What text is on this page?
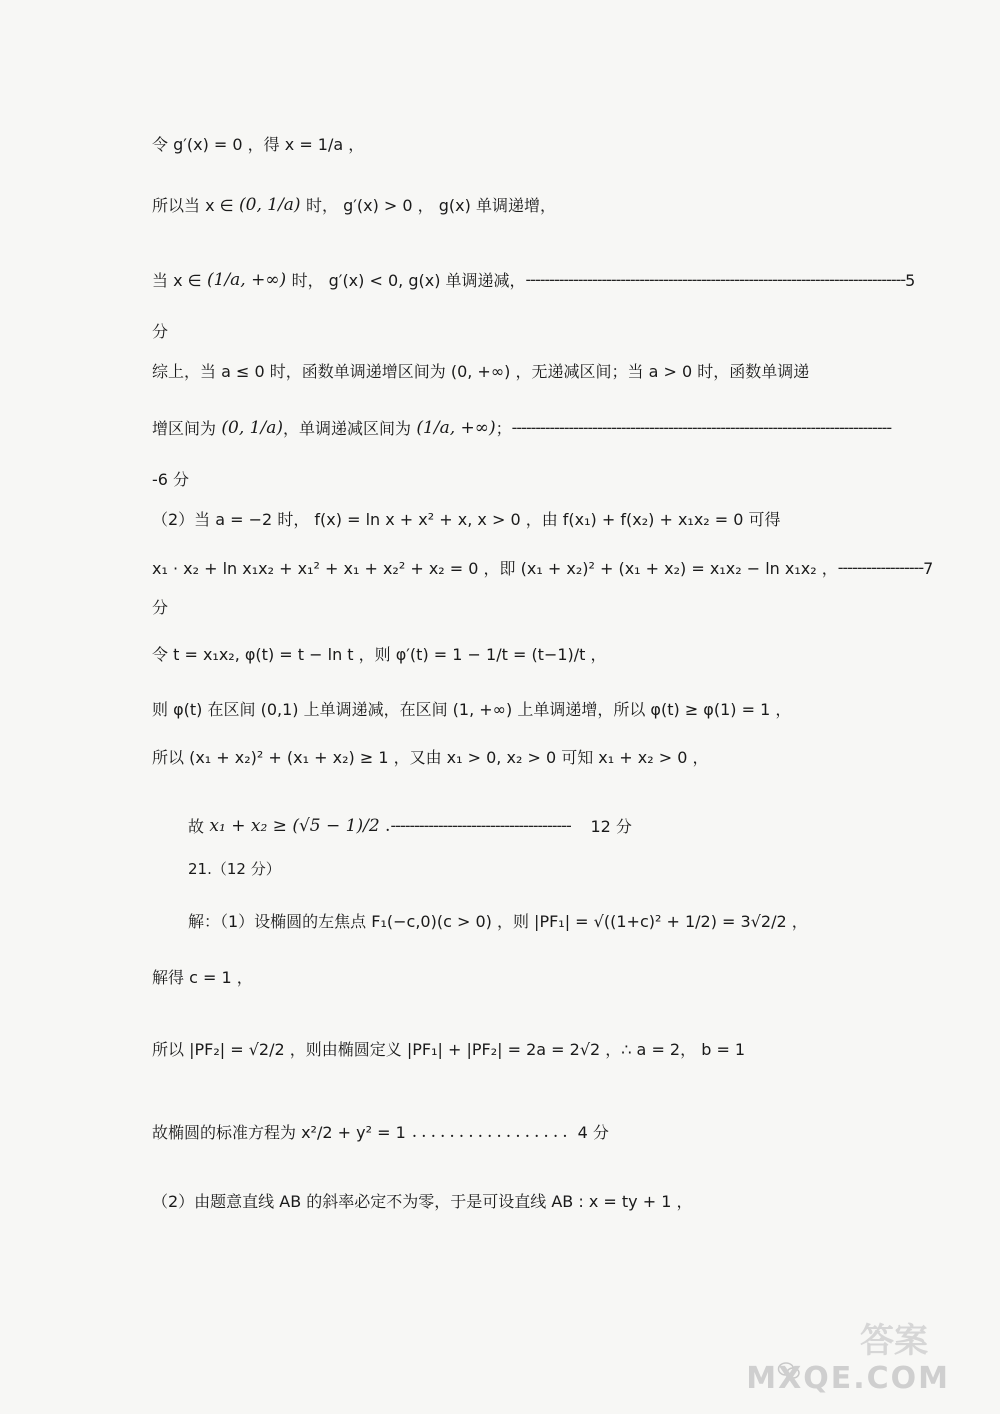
令 g′(x) = 0 ，得 x = 1/a ，
所以当 x ∈
(0, 1/a)
时， g′(x) > 0 ， g(x) 单调递增，
当 x ∈
(1/a, +∞)
时， g′(x) < 0, g(x) 单调递减， -------------------------------------------------------------------------------- 5
分
综上，当 a ≤ 0 时，函数单调递增区间为 (0, +∞) ，无递减区间；当 a > 0 时，函数单调递
增区间为
(0, 1/a) ，单调递减区间为
(1/a, +∞) ； --------------------------------------------------------------------------------
-6 分
（2）当 a = −2 时， f(x) = ln x + x² + x, x > 0 ，由 f(x₁) + f(x₂) + x₁x₂ = 0 可得
x₁ · x₂ + ln x₁x₂ + x₁² + x₁ + x₂² + x₂ = 0 ，即 (x₁ + x₂)² + (x₁ + x₂) = x₁x₂ − ln x₁x₂ ， ------------------ 7
分
令 t = x₁x₂, φ(t) = t − ln t ，则 φ′(t) = 1 − 1/t = (t−1)/t ，
则 φ(t) 在区间 (0,1) 上单调递减，在区间 (1, +∞) 上单调递增，所以 φ(t) ≥ φ(1) = 1 ，
所以 (x₁ + x₂)² + (x₁ + x₂) ≥ 1 ，又由 x₁ > 0, x₂ > 0 可知 x₁ + x₂ > 0 ，
故
x₁ + x₂ ≥ (√5 − 1)/2 . --------------------------------------	12 分
21.（12 分）
解：（1）设椭圆的左焦点 F₁(−c,0)(c > 0) ，则 |PF₁| = √((1+c)² + 1/2) = 3√2/2 ，
解得 c = 1 ，
所以 |PF₂| = √2/2 ，则由椭圆定义 |PF₁| + |PF₂| = 2a = 2√2 ，∴ a = 2， b = 1
故椭圆的标准方程为 x²/2 + y² = 1 ................. 4 分
（2）由题意直线 AB 的斜率必定不为零，于是可设直线 AB : x = ty + 1 ，
答案
MXQE.COM
